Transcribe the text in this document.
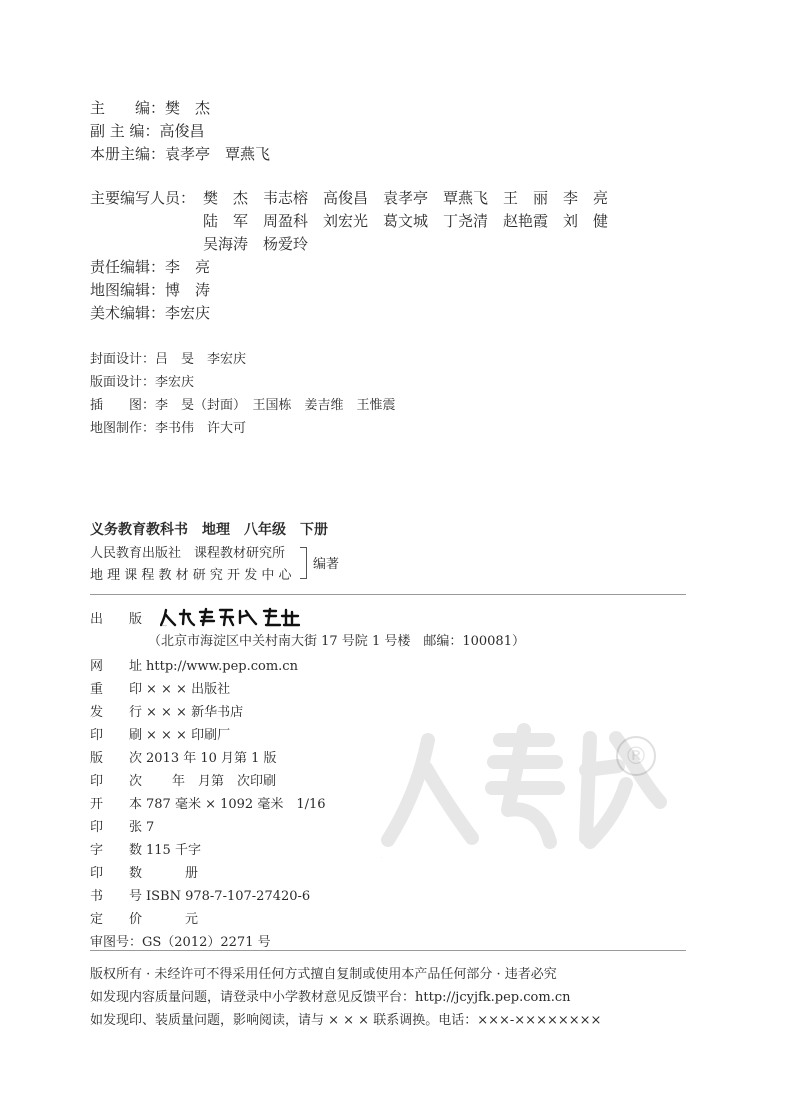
主　　编：樊　杰
副 主 编：高俊昌
本册主编：袁孝亭　覃燕飞
主要编写人员： 樊　杰　韦志榕　高俊昌　袁孝亭　覃燕飞　王　丽　李　亮
陆　军　周盈科　刘宏光　葛文城　丁尧清　赵艳霞　刘　健
吴海涛　杨爱玲
责任编辑：李　亮
地图编辑：博　涛
美术编辑：李宏庆
封面设计：吕　旻　李宏庆
版面设计：李宏庆
插　　图：李　旻（封面）　王国栋　姜吉维　王惟震
地图制作：李书伟　许大可
义务教育教科书　地理　八年级　下册
人民教育出版社　课程教材研究所
地 理 课 程 教 材 研 究 开 发 中 心
编著
人教版
®
出　　版	人民教育出版社
（北京市海淀区中关村南大街 17 号院 1 号楼　邮编：100081）
网　　址 http://www.pep.com.cn
重　　印 × × × 出版社
发　　行 × × × 新华书店
印　　刷 × × × 印刷厂
版　　次 2013 年 10 月第 1 版
印　　次　　年　月第　次印刷
开　　本 787 毫米 × 1092 毫米　1/16
印　　张 7
字　　数 115 千字
印　　数　　　册
书　　号 ISBN 978-7-107-27420-6
定　　价　　　元
审图号：GS（2012）2271 号
版权所有 · 未经许可不得采用任何方式擅自复制或使用本产品任何部分 · 违者必究
如发现内容质量问题，请登录中小学教材意见反馈平台：http://jcyjfk.pep.com.cn
如发现印、装质量问题，影响阅读，请与 × × × 联系调换。电话：×××-××××××××
